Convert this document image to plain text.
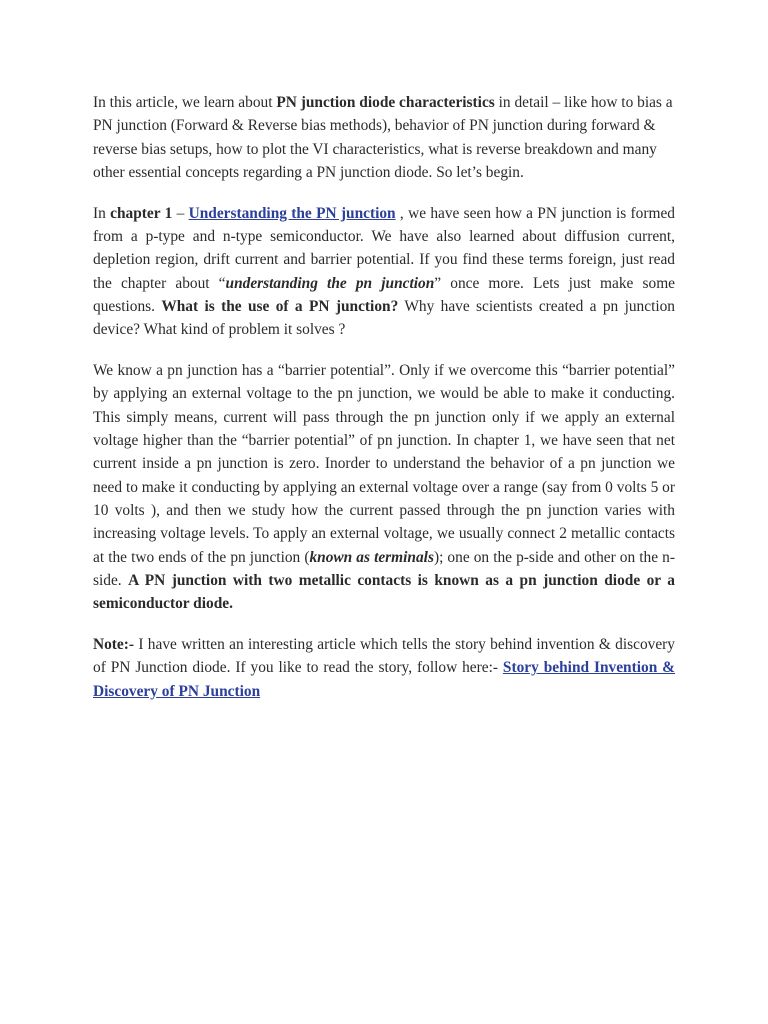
In this article, we learn about PN junction diode characteristics in detail – like how to bias a PN junction (Forward & Reverse bias methods), behavior of PN junction during forward & reverse bias setups, how to plot the VI characteristics, what is reverse breakdown and many other essential concepts regarding a PN junction diode. So let’s begin.

In chapter 1 – Understanding the PN junction , we have seen how a PN junction is formed from a p-type and n-type semiconductor. We have also learned about diffusion current, depletion region, drift current and barrier potential. If you find these terms foreign, just read the chapter about “understanding the pn junction” once more. Lets just make some questions. What is the use of a PN junction? Why have scientists created a pn junction device? What kind of problem it solves ?

We know a pn junction has a “barrier potential”. Only if we overcome this “barrier potential” by applying an external voltage to the pn junction, we would be able to make it conducting. This simply means, current will pass through the pn junction only if we apply an external voltage higher than the “barrier potential” of pn junction. In chapter 1, we have seen that net current inside a pn junction is zero. Inorder to understand the behavior of a pn junction we need to make it conducting by applying an external voltage over a range (say from 0 volts 5 or 10 volts ), and then we study how the current passed through the pn junction varies with increasing voltage levels. To apply an external voltage, we usually connect 2 metallic contacts at the two ends of the pn junction (known as terminals); one on the p-side and other on the n-side. A PN junction with two metallic contacts is known as a pn junction diode or a semiconductor diode.

Note:- I have written an interesting article which tells the story behind invention & discovery of PN Junction diode. If you like to read the story, follow here:- Story behind Invention & Discovery of PN Junction
